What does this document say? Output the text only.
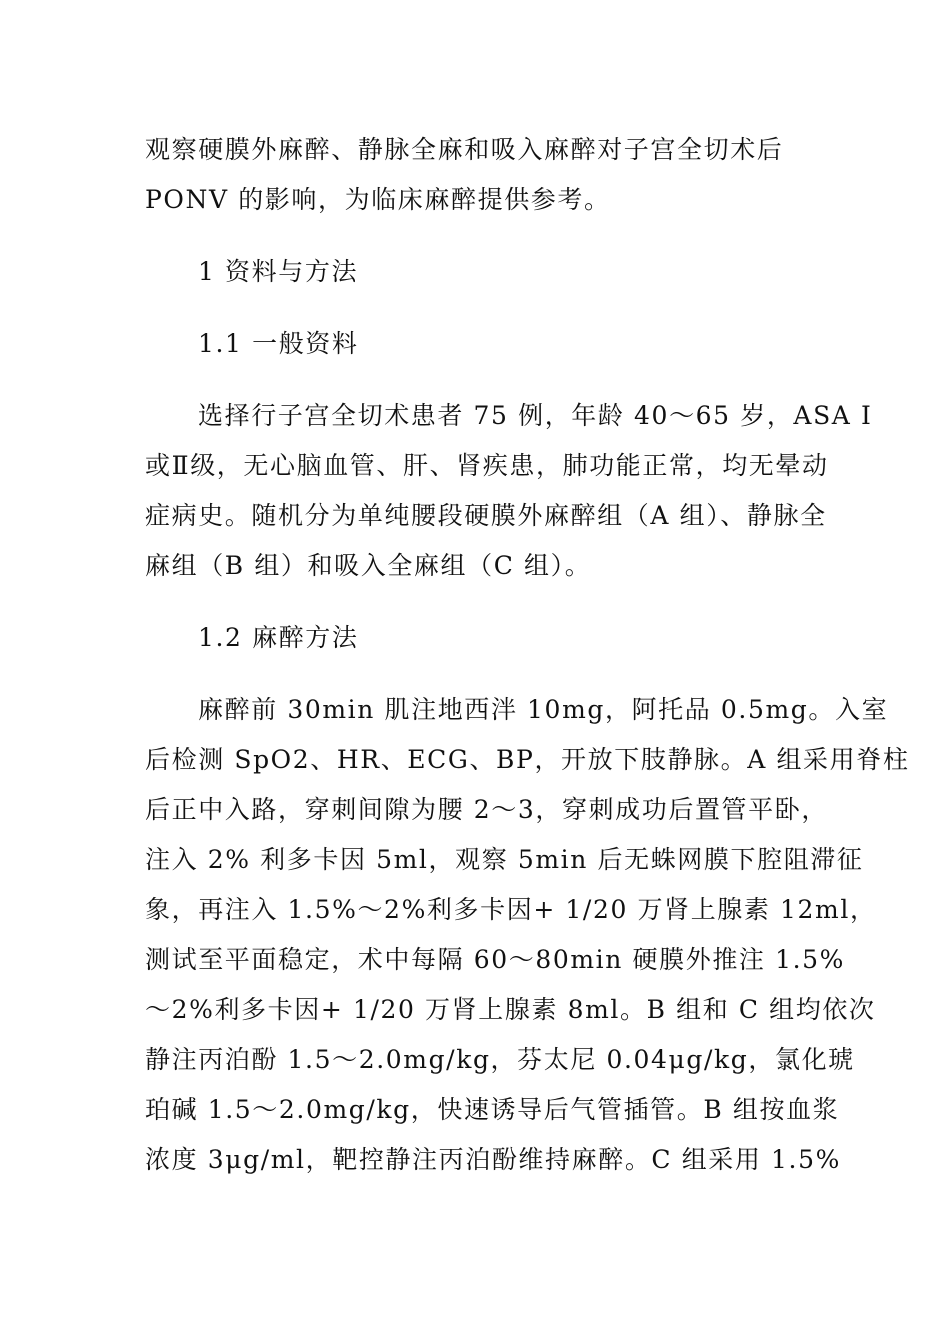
观察硬膜外麻醉、静脉全麻和吸入麻醉对子宫全切术后
PONV 的影响，为临床麻醉提供参考。
1 资料与方法
1.1 一般资料
选择行子宫全切术患者 75 例，年龄 40～65 岁，ASA Ⅰ
或Ⅱ级，无心脑血管、肝、肾疾患，肺功能正常，均无晕动
症病史。随机分为单纯腰段硬膜外麻醉组（A 组）、静脉全
麻组（B 组）和吸入全麻组（C 组）。
1.2 麻醉方法
麻醉前 30min 肌注地西泮 10mg，阿托品 0.5mg。入室
后检测 SpO2、HR、ECG、BP，开放下肢静脉。A 组采用脊柱
后正中入路，穿刺间隙为腰 2～3，穿刺成功后置管平卧，
注入 2% 利多卡因 5ml，观察 5min 后无蛛网膜下腔阻滞征
象，再注入 1.5%～2%利多卡因+ 1/20 万肾上腺素 12ml，
测试至平面稳定，术中每隔 60～80min 硬膜外推注 1.5%
～2%利多卡因+ 1/20 万肾上腺素 8ml。B 组和 C 组均依次
静注丙泊酚 1.5～2.0mg/kg，芬太尼 0.04μg/kg，氯化琥
珀碱 1.5～2.0mg/kg，快速诱导后气管插管。B 组按血浆
浓度 3μg/ml，靶控静注丙泊酚维持麻醉。C 组采用 1.5%
